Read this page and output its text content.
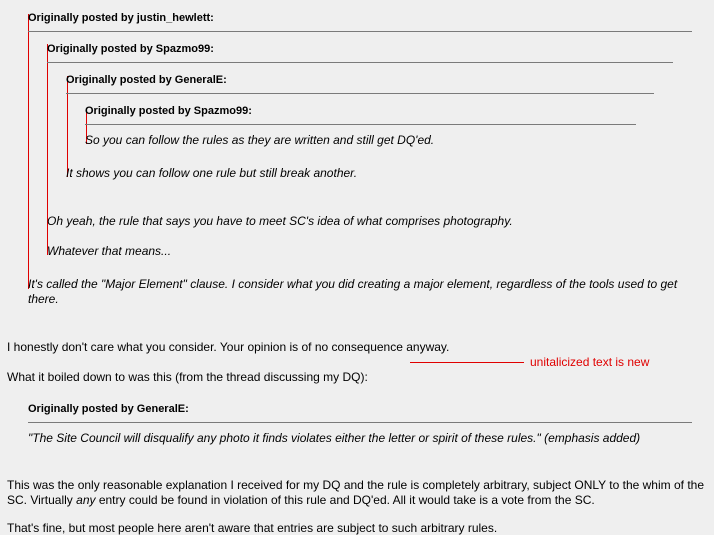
Originally posted by justin_hewlett:
Originally posted by Spazmo99:
Originally posted by GeneralE:
Originally posted by Spazmo99:
So you can follow the rules as they are written and still get DQ'ed.
It shows you can follow one rule but still break another.
Oh yeah, the rule that says you have to meet SC's idea of what comprises photography.
Whatever that means...
It's called the "Major Element" clause. I consider what you did creating a major element, regardless of the tools used to get there.
I honestly don't care what you consider. Your opinion is of no consequence anyway.
unitalicized text is new
What it boiled down to was this (from the thread discussing my DQ):
Originally posted by GeneralE:
"The Site Council will disqualify any photo it finds violates either the letter or spirit of these rules." (emphasis added)
This was the only reasonable explanation I received for my DQ and the rule is completely arbitrary, subject ONLY to the whim of the SC. Virtually any entry could be found in violation of this rule and DQ'ed. All it would take is a vote from the SC.
That's fine, but most people here aren't aware that entries are subject to such arbitrary rules.
